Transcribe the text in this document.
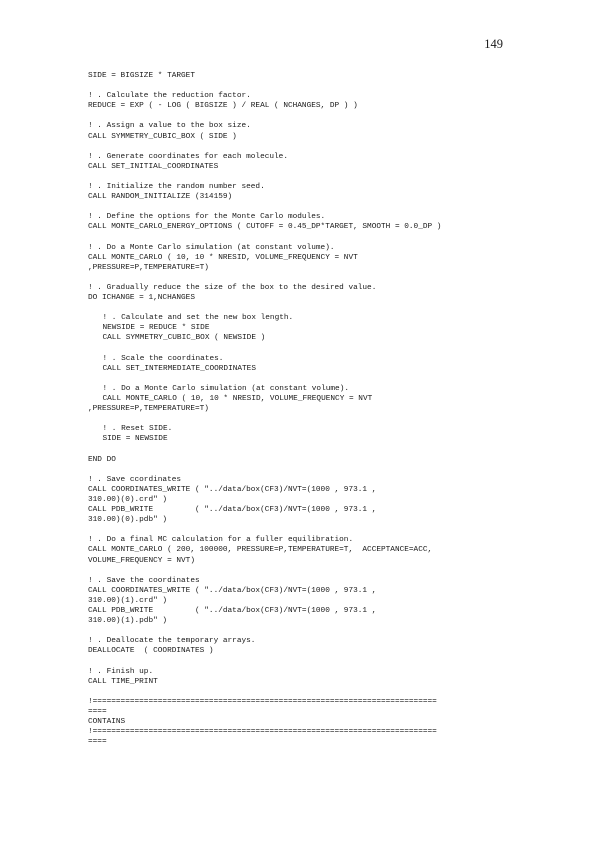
149
SIDE = BIGSIZE * TARGET
! . Calculate the reduction factor.
REDUCE = EXP ( - LOG ( BIGSIZE ) / REAL ( NCHANGES, DP ) )
! . Assign a value to the box size.
CALL SYMMETRY_CUBIC_BOX ( SIDE )
! . Generate coordinates for each molecule.
CALL SET_INITIAL_COORDINATES
! . Initialize the random number seed.
CALL RANDOM_INITIALIZE (314159)
! . Define the options for the Monte Carlo modules.
CALL MONTE_CARLO_ENERGY_OPTIONS ( CUTOFF = 0.45_DP*TARGET, SMOOTH = 0.0_DP )
! . Do a Monte Carlo simulation (at constant volume).
CALL MONTE_CARLO ( 10, 10 * NRESID, VOLUME_FREQUENCY = NVT
,PRESSURE=P,TEMPERATURE=T)
! . Gradually reduce the size of the box to the desired value.
DO ICHANGE = 1,NCHANGES
! . Calculate and set the new box length.
NEWSIDE = REDUCE * SIDE
CALL SYMMETRY_CUBIC_BOX ( NEWSIDE )
! . Scale the coordinates.
CALL SET_INTERMEDIATE_COORDINATES
! . Do a Monte Carlo simulation (at constant volume).
CALL MONTE_CARLO ( 10, 10 * NRESID, VOLUME_FREQUENCY = NVT
,PRESSURE=P,TEMPERATURE=T)
! . Reset SIDE.
SIDE = NEWSIDE
END DO
! . Save ccordinates
CALL COORDINATES_WRITE ( "../data/box(CF3)/NVT=(1000 , 973.1 ,
310.00)(0).crd" )
CALL PDB_WRITE         ( "../data/box(CF3)/NVT=(1000 , 973.1 ,
310.00)(0).pdb" )
! . Do a final MC calculation for a fuller equilibration.
CALL MONTE_CARLO ( 200, 100000, PRESSURE=P,TEMPERATURE=T,  ACCEPTANCE=ACC,
VOLUME_FREQUENCY = NVT)
! . Save the coordinates
CALL COORDINATES_WRITE ( "../data/box(CF3)/NVT=(1000 , 973.1 ,
310.00)(1).crd" )
CALL PDB_WRITE         ( "../data/box(CF3)/NVT=(1000 , 973.1 ,
310.00)(1).pdb" )
! . Deallocate the temporary arrays.
DEALLOCATE  ( COORDINATES )
! . Finish up.
CALL TIME_PRINT
!==========================================================================
====
CONTAINS
!==========================================================================
====
